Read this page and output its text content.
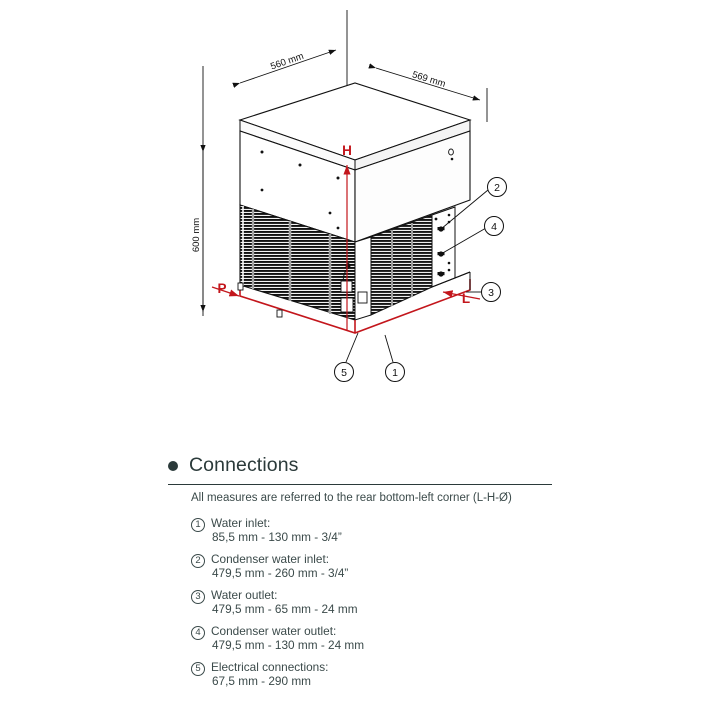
560 mm
569 mm
600 mm
H
L
P
2
4
3
5	1
Connections
All measures are referred to the rear bottom-left corner (L-H-Ø)
1 Water inlet:
85,5 mm - 130 mm - 3/4”
2 Condenser water inlet:
479,5 mm - 260 mm - 3/4”
3 Water outlet:
479,5 mm - 65 mm - 24 mm
4 Condenser water outlet:
479,5 mm - 130 mm - 24 mm
5 Electrical connections:
67,5 mm - 290 mm
